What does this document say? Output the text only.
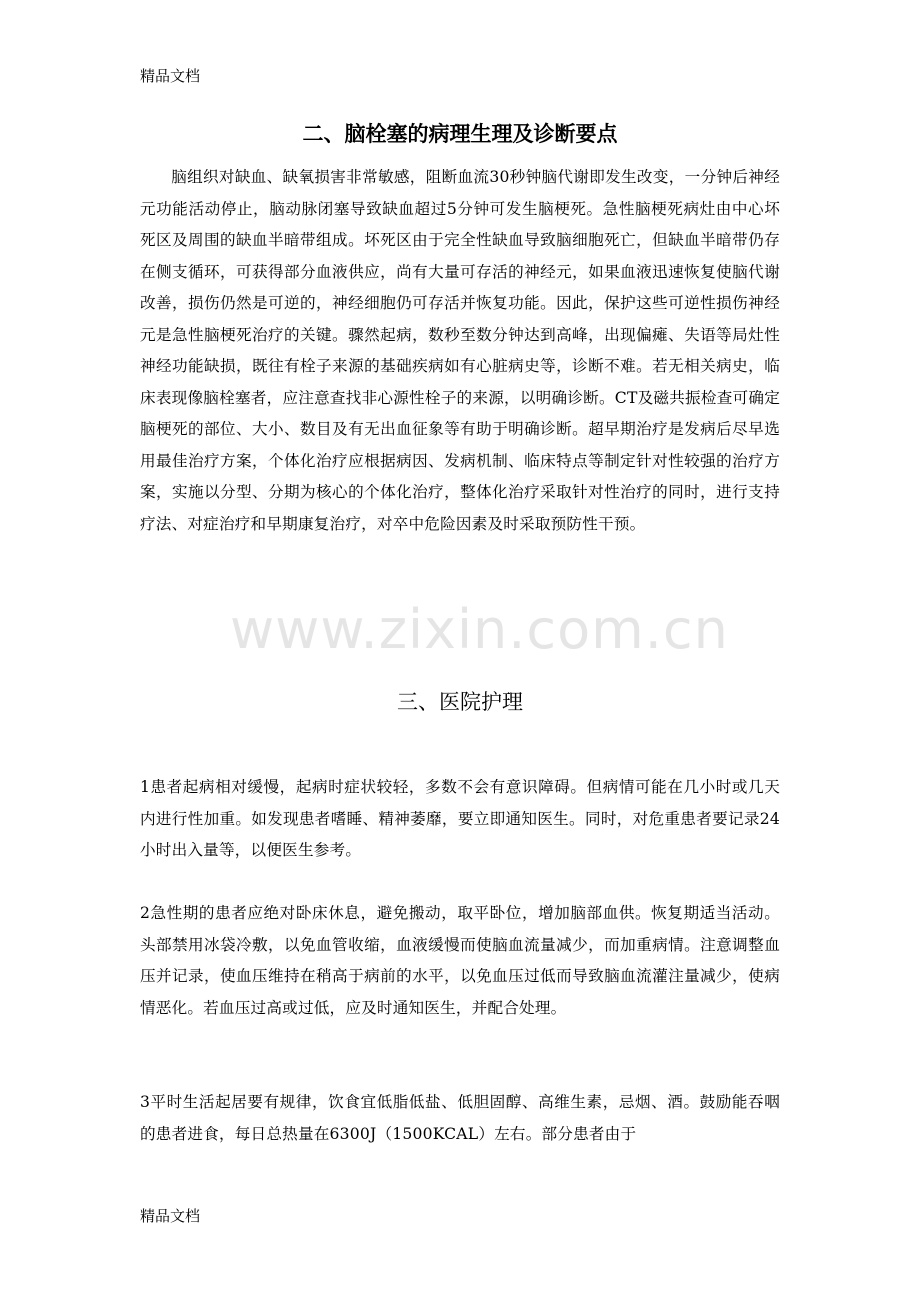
精品文档
二、脑栓塞的病理生理及诊断要点
脑组织对缺血、缺氧损害非常敏感，阻断血流30秒钟脑代谢即发生改变，一分钟后神经元功能活动停止，脑动脉闭塞导致缺血超过5分钟可发生脑梗死。急性脑梗死病灶由中心坏死区及周围的缺血半暗带组成。坏死区由于完全性缺血导致脑细胞死亡，但缺血半暗带仍存在侧支循环，可获得部分血液供应，尚有大量可存活的神经元，如果血液迅速恢复使脑代谢改善，损伤仍然是可逆的，神经细胞仍可存活并恢复功能。因此，保护这些可逆性损伤神经元是急性脑梗死治疗的关键。骤然起病，数秒至数分钟达到高峰，出现偏瘫、失语等局灶性神经功能缺损，既往有栓子来源的基础疾病如有心脏病史等，诊断不难。若无相关病史，临床表现像脑栓塞者，应注意查找非心源性栓子的来源，以明确诊断。CT及磁共振检查可确定脑梗死的部位、大小、数目及有无出血征象等有助于明确诊断。超早期治疗是发病后尽早选用最佳治疗方案，个体化治疗应根据病因、发病机制、临床特点等制定针对性较强的治疗方案，实施以分型、分期为核心的个体化治疗，整体化治疗采取针对性治疗的同时，进行支持疗法、对症治疗和早期康复治疗，对卒中危险因素及时采取预防性干预。
www.zixin.com.cn
三、医院护理
1患者起病相对缓慢，起病时症状较轻，多数不会有意识障碍。但病情可能在几小时或几天内进行性加重。如发现患者嗜睡、精神萎靡，要立即通知医生。同时，对危重患者要记录24小时出入量等，以便医生参考。
2急性期的患者应绝对卧床休息，避免搬动，取平卧位，增加脑部血供。恢复期适当活动。头部禁用冰袋冷敷，以免血管收缩，血液缓慢而使脑血流量减少，而加重病情。注意调整血压并记录，使血压维持在稍高于病前的水平，以免血压过低而导致脑血流灌注量减少，使病情恶化。若血压过高或过低，应及时通知医生，并配合处理。
3平时生活起居要有规律，饮食宜低脂低盐、低胆固醇、高维生素，忌烟、酒。鼓励能吞咽的患者进食，每日总热量在6300J（1500KCAL）左右。部分患者由于
精品文档
